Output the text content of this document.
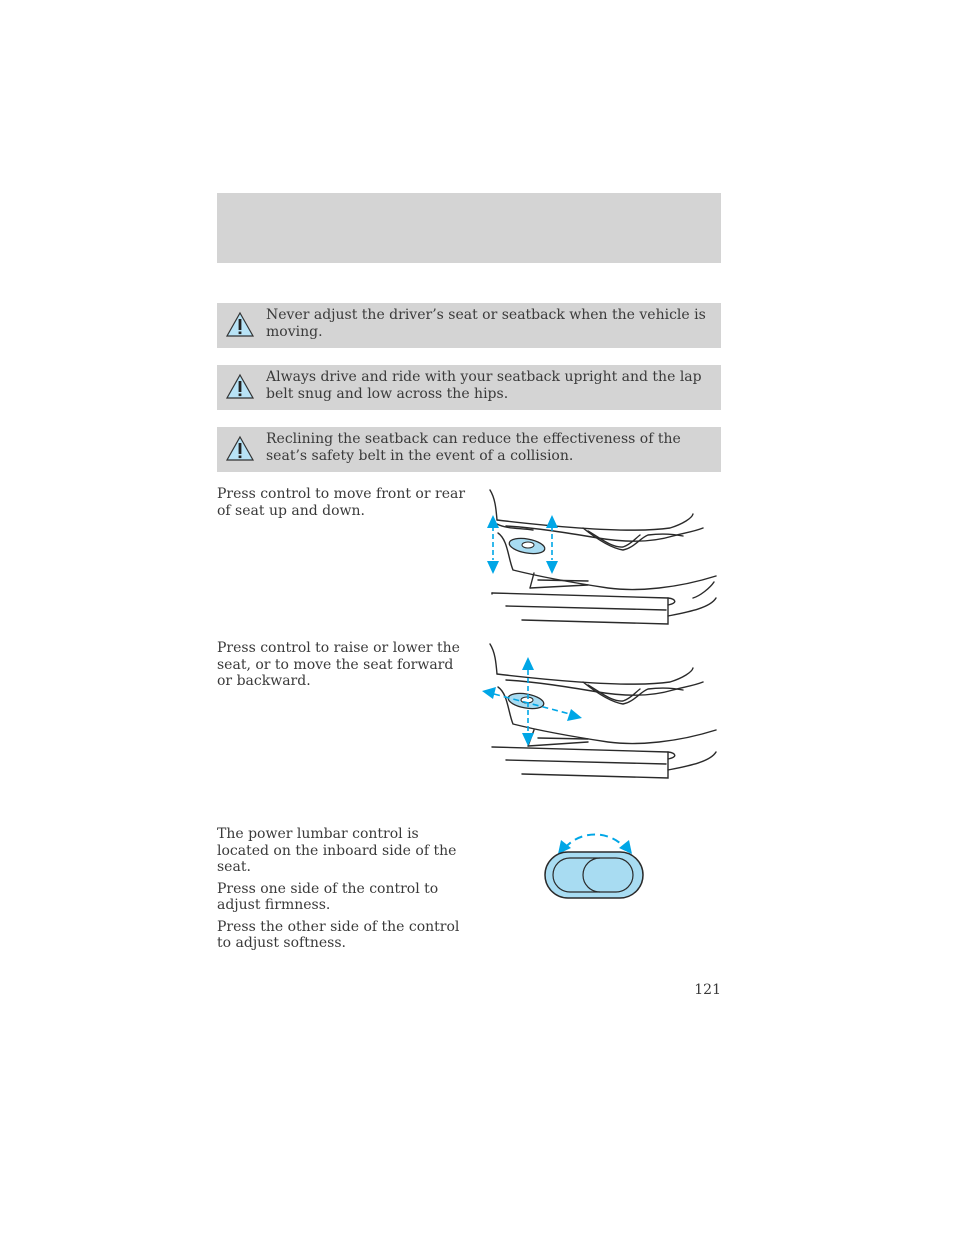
Never adjust the driver’s seat or seatback when the vehicle is moving.
Always drive and ride with your seatback upright and the lap belt snug and low across the hips.
Reclining the seatback can reduce the effectiveness of the seat’s safety belt in the event of a collision.

Press control to move front or rear of seat up and down.

Press control to raise or lower the seat, or to move the seat forward or backward.

The power lumbar control is located on the inboard side of the seat.

Press one side of the control to adjust firmness.

Press the other side of the control to adjust softness.

121
